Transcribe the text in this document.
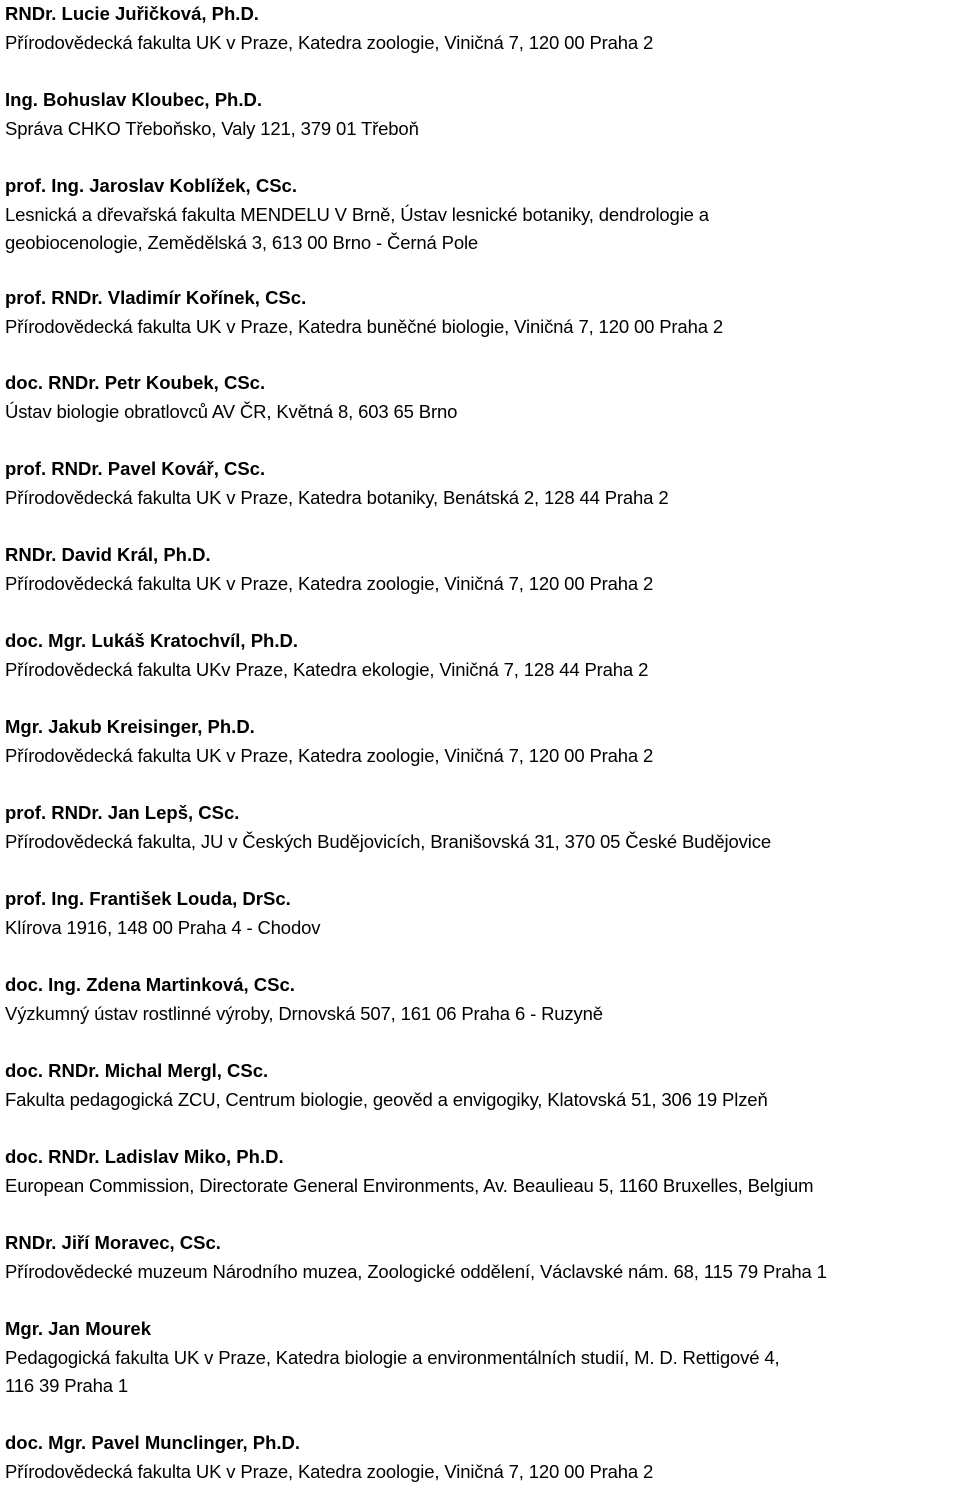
RNDr. Lucie Juřičková, Ph.D.
Přírodovědecká fakulta UK v Praze, Katedra zoologie, Viničná 7, 120 00 Praha 2
Ing. Bohuslav Kloubec, Ph.D.
Správa CHKO Třeboňsko, Valy 121, 379 01 Třeboň
prof. Ing. Jaroslav Koblížek, CSc.
Lesnická a dřevařská fakulta MENDELU V Brně, Ústav lesnické botaniky, dendrologie a
geobiocenologie, Zemědělská 3, 613 00 Brno - Černá Pole
prof. RNDr. Vladimír Kořínek, CSc.
Přírodovědecká fakulta UK v Praze, Katedra buněčné biologie, Viničná 7, 120 00 Praha 2
doc. RNDr. Petr Koubek, CSc.
Ústav biologie obratlovců AV ČR, Květná 8, 603 65 Brno
prof. RNDr. Pavel Kovář, CSc.
Přírodovědecká fakulta UK v Praze, Katedra botaniky, Benátská 2, 128 44 Praha 2
RNDr. David Král, Ph.D.
Přírodovědecká fakulta UK v Praze, Katedra zoologie, Viničná 7, 120 00 Praha 2
doc. Mgr. Lukáš Kratochvíl, Ph.D.
Přírodovědecká fakulta UKv Praze, Katedra ekologie, Viničná 7, 128 44 Praha 2
Mgr. Jakub Kreisinger, Ph.D.
Přírodovědecká fakulta UK v Praze, Katedra zoologie, Viničná 7, 120 00 Praha 2
prof. RNDr. Jan Lepš, CSc.
Přírodovědecká fakulta, JU v Českých Budějovicích, Branišovská 31, 370 05 České Budějovice
prof. Ing. František Louda, DrSc.
Klírova 1916, 148 00 Praha 4 - Chodov
doc. Ing. Zdena Martinková, CSc.
Výzkumný ústav rostlinné výroby, Drnovská 507, 161 06 Praha 6 - Ruzyně
doc. RNDr. Michal Mergl, CSc.
Fakulta pedagogická ZCU, Centrum biologie, geověd a envigogiky, Klatovská 51, 306 19 Plzeň
doc. RNDr. Ladislav Miko, Ph.D.
European Commission, Directorate General Environments, Av. Beaulieau 5, 1160 Bruxelles, Belgium
RNDr. Jiří Moravec, CSc.
Přírodovědecké muzeum Národního muzea, Zoologické oddělení, Václavské nám. 68, 115 79 Praha 1
Mgr. Jan Mourek
Pedagogická fakulta UK v Praze, Katedra biologie a environmentálních studií, M. D. Rettigové 4,
116 39 Praha 1
doc. Mgr. Pavel Munclinger, Ph.D.
Přírodovědecká fakulta UK v Praze, Katedra zoologie, Viničná 7, 120 00 Praha 2
